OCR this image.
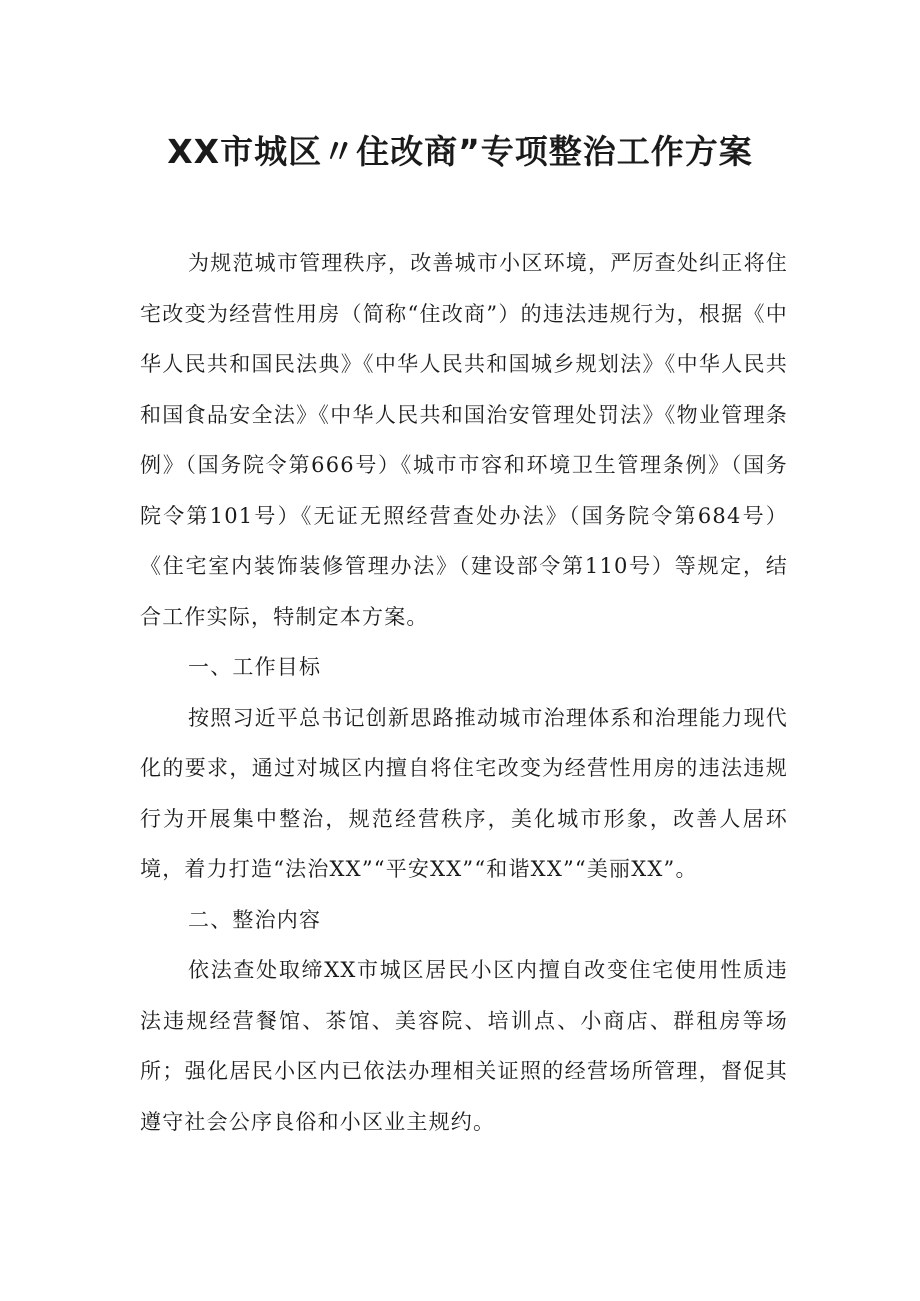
XX市城区〃住改商”专项整治工作方案

为规范城市管理秩序，改善城市小区环境，严厉查处纠正将住宅改变为经营性用房（简称“住改商”）的违法违规行为，根据《中华人民共和国民法典》《中华人民共和国城乡规划法》《中华人民共和国食品安全法》《中华人民共和国治安管理处罚法》《物业管理条例》（国务院令第666号）《城市市容和环境卫生管理条例》（国务院令第101号）《无证无照经营查处办法》（国务院令第684号）《住宅室内装饰装修管理办法》（建设部令第110号）等规定，结合工作实际，特制定本方案。

一、工作目标

按照习近平总书记创新思路推动城市治理体系和治理能力现代化的要求，通过对城区内擅自将住宅改变为经营性用房的违法违规行为开展集中整治，规范经营秩序，美化城市形象，改善人居环境，着力打造“法治XX”“平安XX”“和谐XX”“美丽XX”。

二、整治内容

依法查处取缔XX市城区居民小区内擅自改变住宅使用性质违法违规经营餐馆、茶馆、美容院、培训点、小商店、群租房等场所；强化居民小区内已依法办理相关证照的经营场所管理，督促其遵守社会公序良俗和小区业主规约。
